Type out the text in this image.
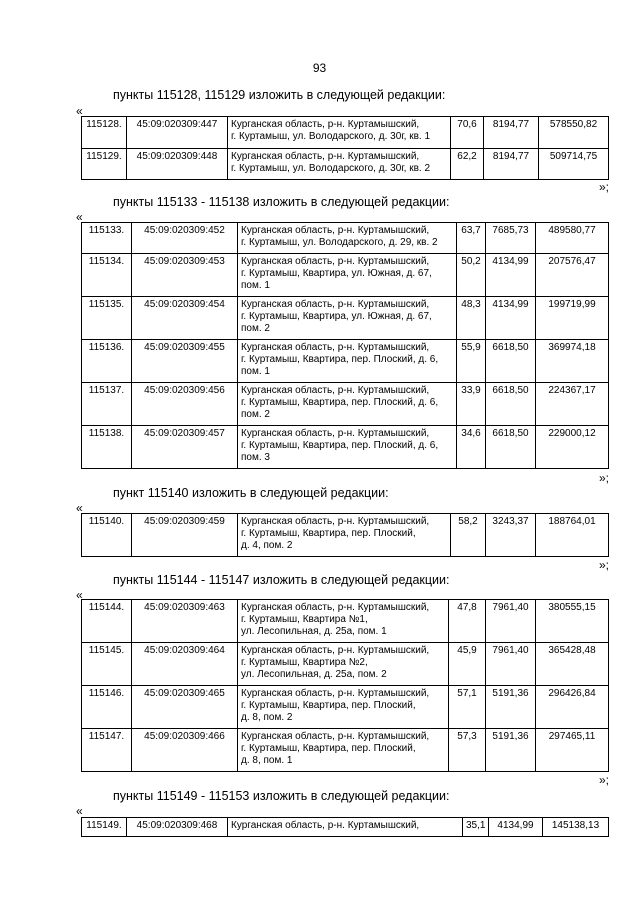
93
пункты 115128, 115129 изложить в следующей редакции:
«
115128.	45:09:020309:447	Курганская область, р-н. Куртамышский,
г. Куртамыш, ул. Володарского, д. 30г, кв. 1	70,6	8194,77	578550,82
115129.	45:09:020309:448	Курганская область, р-н. Куртамышский,
г. Куртамыш, ул. Володарского, д. 30г, кв. 2	62,2	8194,77	509714,75
»;
пункты 115133 - 115138 изложить в следующей редакции:
«
115133.	45:09:020309:452	Курганская область, р-н. Куртамышский,
г. Куртамыш, ул. Володарского, д. 29, кв. 2	63,7	7685,73	489580,77
115134.	45:09:020309:453	Курганская область, р-н. Куртамышский,
г. Куртамыш, Квартира, ул. Южная, д. 67,
пом. 1	50,2	4134,99	207576,47
115135.	45:09:020309:454	Курганская область, р-н. Куртамышский,
г. Куртамыш, Квартира, ул. Южная, д. 67,
пом. 2	48,3	4134,99	199719,99
115136.	45:09:020309:455	Курганская область, р-н. Куртамышский,
г. Куртамыш, Квартира, пер. Плоский, д. 6,
пом. 1	55,9	6618,50	369974,18
115137.	45:09:020309:456	Курганская область, р-н. Куртамышский,
г. Куртамыш, Квартира, пер. Плоский, д. 6,
пом. 2	33,9	6618,50	224367,17
115138.	45:09:020309:457	Курганская область, р-н. Куртамышский,
г. Куртамыш, Квартира, пер. Плоский, д. 6,
пом. 3	34,6	6618,50	229000,12
»;
пункт 115140 изложить в следующей редакции:
«
115140.	45:09:020309:459	Курганская область, р-н. Куртамышский,
г. Куртамыш, Квартира, пер. Плоский,
д. 4, пом. 2	58,2	3243,37	188764,01
»;
пункты 115144 - 115147 изложить в следующей редакции:
«
115144.	45:09:020309:463	Курганская область, р-н. Куртамышский,
г. Куртамыш, Квартира №1,
ул. Лесопильная, д. 25а, пом. 1	47,8	7961,40	380555,15
115145.	45:09:020309:464	Курганская область, р-н. Куртамышский,
г. Куртамыш, Квартира №2,
ул. Лесопильная, д. 25а, пом. 2	45,9	7961,40	365428,48
115146.	45:09:020309:465	Курганская область, р-н. Куртамышский,
г. Куртамыш, Квартира, пер. Плоский,
д. 8, пом. 2	57,1	5191,36	296426,84
115147.	45:09:020309:466	Курганская область, р-н. Куртамышский,
г. Куртамыш, Квартира, пер. Плоский,
д. 8, пом. 1	57,3	5191,36	297465,11
»;
пункты 115149 - 115153 изложить в следующей редакции:
«
115149.	45:09:020309:468	Курганская область, р-н. Куртамышский,	35,1	4134,99	145138,13
